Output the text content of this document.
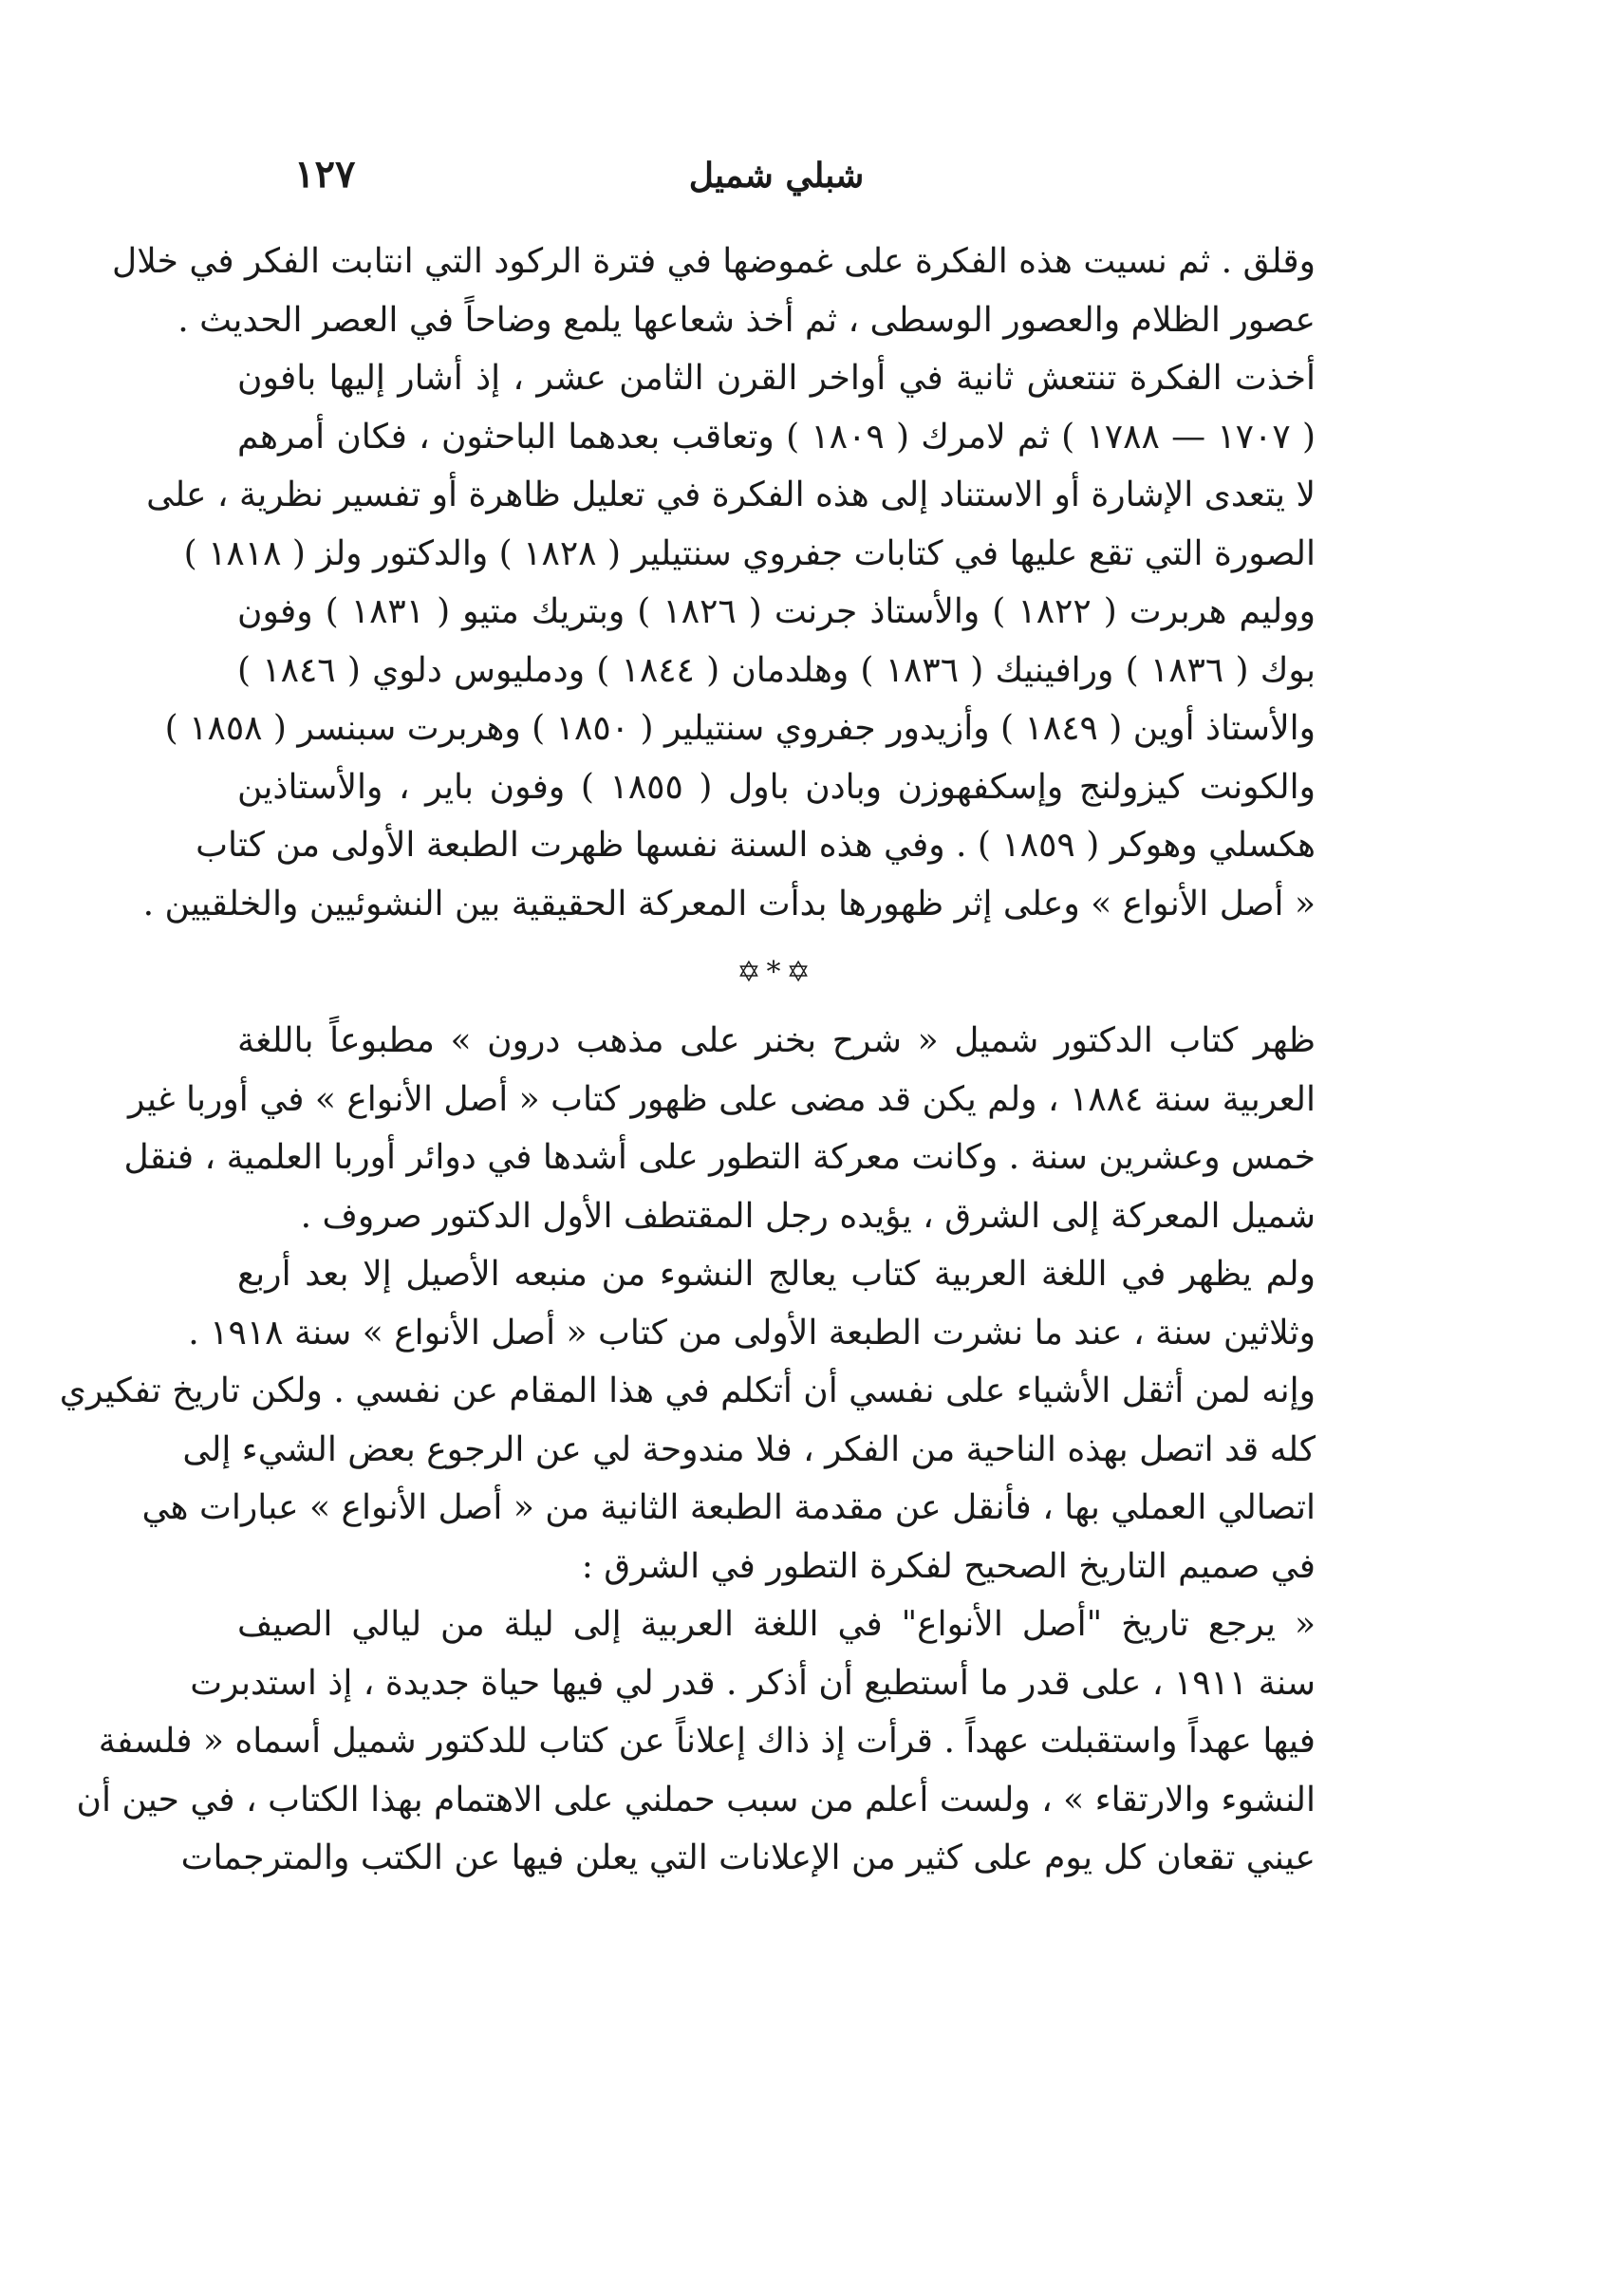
١٢٧	شبلي شميل
وقلق . ثم نسيت هذه الفكرة على غموضها في فترة الركود التي انتابت الفكر في خلال
عصور الظلام والعصور الوسطى ، ثم أخذ شعاعها يلمع وضاحاً في العصر الحديث .
أخذت الفكرة تنتعش ثانية في أواخر القرن الثامن عشر ، إذ أشار إليها بافون
( ١٧٠٧ — ١٧٨٨ ) ثم لامرك ( ١٨٠٩ ) وتعاقب بعدهما الباحثون ، فكان أمرهم
لا يتعدى الإشارة أو الاستناد إلى هذه الفكرة في تعليل ظاهرة أو تفسير نظرية ، على
الصورة التي تقع عليها في كتابات جفروي سنتيلير ( ١٨٢٨ ) والدكتور ولز ( ١٨١٨ )
ووليم هربرت ( ١٨٢٢ ) والأستاذ جرنت ( ١٨٢٦ ) وبتريك متيو ( ١٨٣١ ) وفون
بوك ( ١٨٣٦ ) ورافينيك ( ١٨٣٦ ) وهلدمان ( ١٨٤٤ ) ودمليوس دلوي ( ١٨٤٦ )
والأستاذ أوين ( ١٨٤٩ ) وأزيدور جفروي سنتيلير ( ١٨٥٠ ) وهربرت سبنسر ( ١٨٥٨ )
والكونت كيزولنج وإسكفهوزن وبادن باول ( ١٨٥٥ ) وفون باير ، والأستاذين
هكسلي وهوكر ( ١٨٥٩ ) . وفي هذه السنة نفسها ظهرت الطبعة الأولى من كتاب
« أصل الأنواع » وعلى إثر ظهورها بدأت المعركة الحقيقية بين النشوئيين والخلقيين .
✡*✡
ظهر كتاب الدكتور شميل « شرح بخنر على مذهب درون » مطبوعاً باللغة
العربية سنة ١٨٨٤ ، ولم يكن قد مضى على ظهور كتاب « أصل الأنواع » في أوربا غير
خمس وعشرين سنة . وكانت معركة التطور على أشدها في دوائر أوربا العلمية ، فنقل
شميل المعركة إلى الشرق ، يؤيده رجل المقتطف الأول الدكتور صروف .
ولم يظهر في اللغة العربية كتاب يعالج النشوء من منبعه الأصيل إلا بعد أربع
وثلاثين سنة ، عند ما نشرت الطبعة الأولى من كتاب « أصل الأنواع » سنة ١٩١٨ .
وإنه لمن أثقل الأشياء على نفسي أن أتكلم في هذا المقام عن نفسي . ولكن تاريخ تفكيري
كله قد اتصل بهذه الناحية من الفكر ، فلا مندوحة لي عن الرجوع بعض الشيء إلى
اتصالي العملي بها ، فأنقل عن مقدمة الطبعة الثانية من « أصل الأنواع » عبارات هي
في صميم التاريخ الصحيح لفكرة التطور في الشرق :
« يرجع تاريخ "أصل الأنواع" في اللغة العربية إلى ليلة من ليالي الصيف
سنة ١٩١١ ، على قدر ما أستطيع أن أذكر . قدر لي فيها حياة جديدة ، إذ استدبرت
فيها عهداً واستقبلت عهداً . قرأت إذ ذاك إعلاناً عن كتاب للدكتور شميل أسماه « فلسفة
النشوء والارتقاء » ، ولست أعلم من سبب حملني على الاهتمام بهذا الكتاب ، في حين أن
عيني تقعان كل يوم على كثير من الإعلانات التي يعلن فيها عن الكتب والمترجمات
